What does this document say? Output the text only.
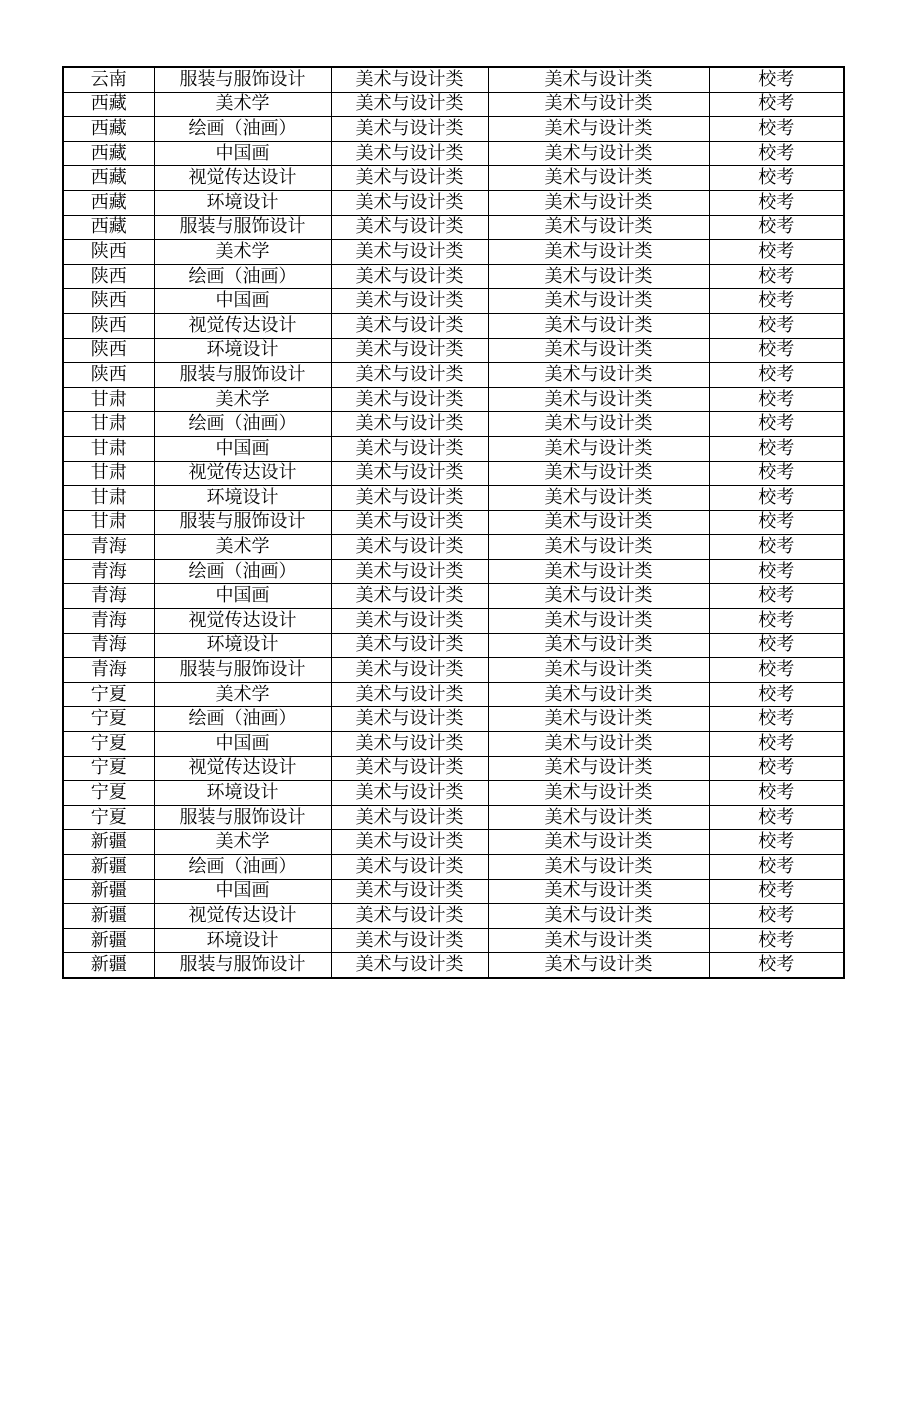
云南	服装与服饰设计	美术与设计类	美术与设计类	校考
西藏	美术学	美术与设计类	美术与设计类	校考
西藏	绘画（油画）	美术与设计类	美术与设计类	校考
西藏	中国画	美术与设计类	美术与设计类	校考
西藏	视觉传达设计	美术与设计类	美术与设计类	校考
西藏	环境设计	美术与设计类	美术与设计类	校考
西藏	服装与服饰设计	美术与设计类	美术与设计类	校考
陕西	美术学	美术与设计类	美术与设计类	校考
陕西	绘画（油画）	美术与设计类	美术与设计类	校考
陕西	中国画	美术与设计类	美术与设计类	校考
陕西	视觉传达设计	美术与设计类	美术与设计类	校考
陕西	环境设计	美术与设计类	美术与设计类	校考
陕西	服装与服饰设计	美术与设计类	美术与设计类	校考
甘肃	美术学	美术与设计类	美术与设计类	校考
甘肃	绘画（油画）	美术与设计类	美术与设计类	校考
甘肃	中国画	美术与设计类	美术与设计类	校考
甘肃	视觉传达设计	美术与设计类	美术与设计类	校考
甘肃	环境设计	美术与设计类	美术与设计类	校考
甘肃	服装与服饰设计	美术与设计类	美术与设计类	校考
青海	美术学	美术与设计类	美术与设计类	校考
青海	绘画（油画）	美术与设计类	美术与设计类	校考
青海	中国画	美术与设计类	美术与设计类	校考
青海	视觉传达设计	美术与设计类	美术与设计类	校考
青海	环境设计	美术与设计类	美术与设计类	校考
青海	服装与服饰设计	美术与设计类	美术与设计类	校考
宁夏	美术学	美术与设计类	美术与设计类	校考
宁夏	绘画（油画）	美术与设计类	美术与设计类	校考
宁夏	中国画	美术与设计类	美术与设计类	校考
宁夏	视觉传达设计	美术与设计类	美术与设计类	校考
宁夏	环境设计	美术与设计类	美术与设计类	校考
宁夏	服装与服饰设计	美术与设计类	美术与设计类	校考
新疆	美术学	美术与设计类	美术与设计类	校考
新疆	绘画（油画）	美术与设计类	美术与设计类	校考
新疆	中国画	美术与设计类	美术与设计类	校考
新疆	视觉传达设计	美术与设计类	美术与设计类	校考
新疆	环境设计	美术与设计类	美术与设计类	校考
新疆	服装与服饰设计	美术与设计类	美术与设计类	校考
